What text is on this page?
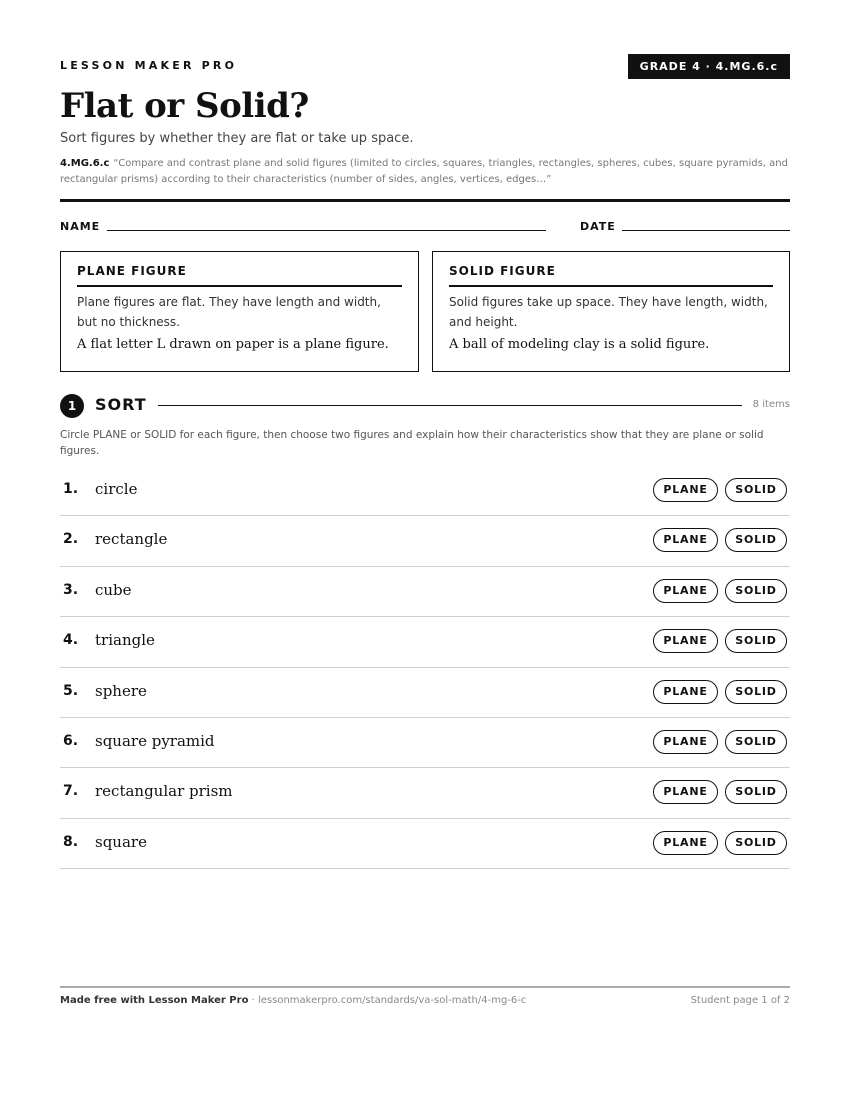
LESSON MAKER PRO	GRADE 4 · 4.MG.6.c
Flat or Solid?
Sort figures by whether they are flat or take up space.
4.MG.6.c “Compare and contrast plane and solid figures (limited to circles, squares, triangles, rectangles, spheres, cubes, square pyramids, and rectangular prisms) according to their characteristics (number of sides, angles, vertices, edges…”
NAME	DATE
PLANE FIGURE
Plane figures are flat. They have length and width, but no thickness.
A flat letter L drawn on paper is a plane figure.
SOLID FIGURE
Solid figures take up space. They have length, width, and height.
A ball of modeling clay is a solid figure.
1	SORT	8 items
Circle PLANE or SOLID for each figure, then choose two figures and explain how their characteristics show that they are plane or solid figures.
1. circle	PLANE	SOLID
2. rectangle	PLANE	SOLID
3. cube	PLANE	SOLID
4. triangle	PLANE	SOLID
5. sphere	PLANE	SOLID
6. square pyramid	PLANE	SOLID
7. rectangular prism	PLANE	SOLID
8. square	PLANE	SOLID
Made free with Lesson Maker Pro · lessonmakerpro.com/standards/va-sol-math/4-mg-6-c	Student page 1 of 2
